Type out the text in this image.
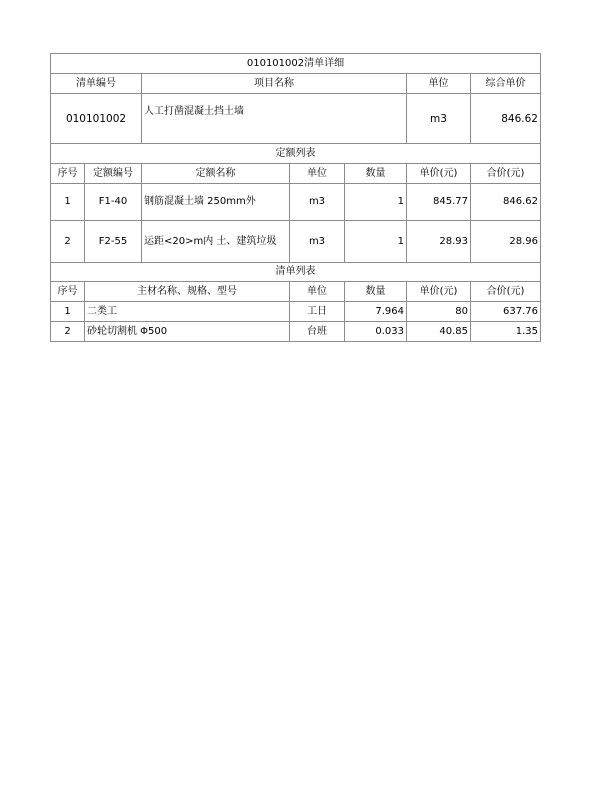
010101002清单详细						
清单编号		项目名称			单位	综合单价
010101002		人工打凿混凝土挡土墙			m3	846.62
定额列表						
序号	定额编号	定额名称	单位	数量	单价(元)	合价(元)
1	F1-40	钢筋混凝土墙 250mm外	m3	1	845.77	846.62
2	F2-55	运距<20>m内 土、建筑垃圾	m3	1	28.93	28.96
清单列表						
序号	主材名称、规格、型号		单位	数量	单价(元)	合价(元)
1	二类工		工日	7.964	80	637.76
2	砂轮切割机 Φ500		台班	0.033	40.85	1.35
